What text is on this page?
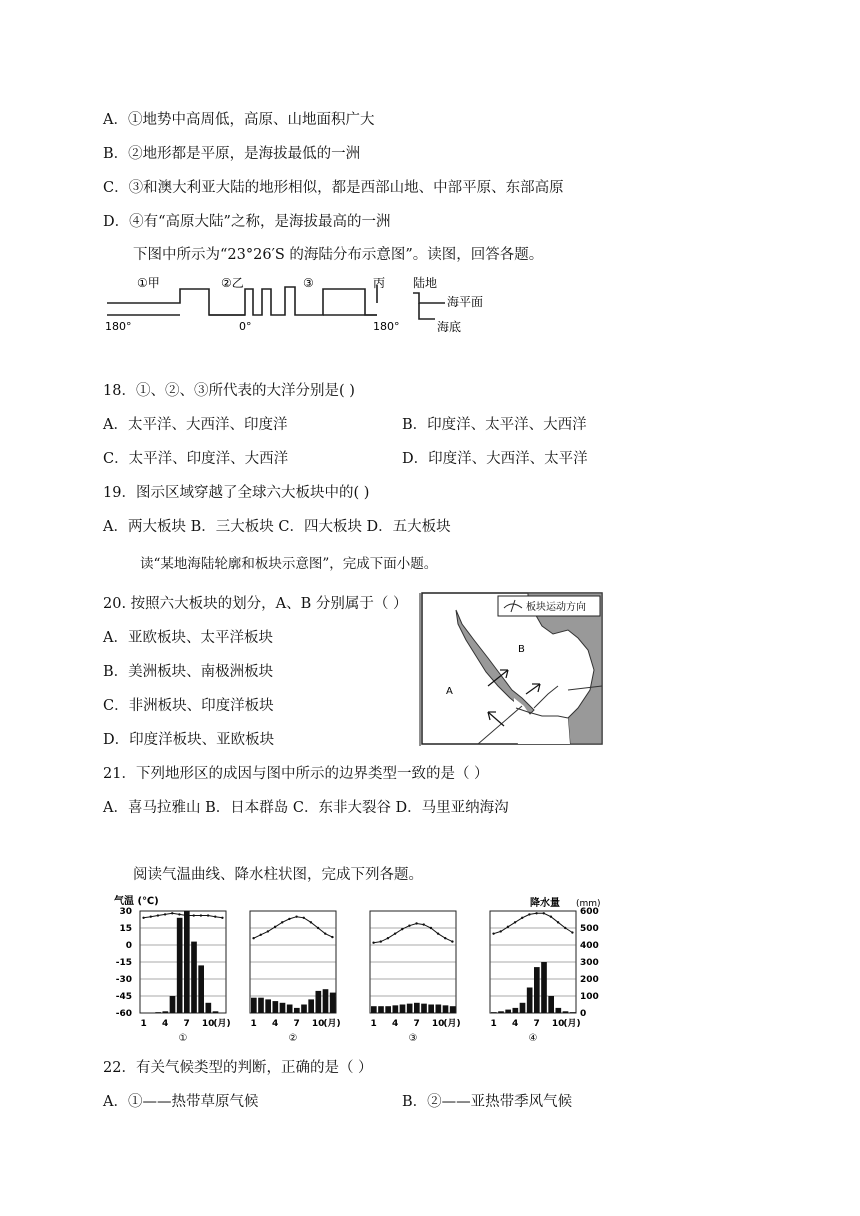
A．①地势中高周低，高原、山地面积广大
B．②地形都是平原，是海拔最低的一洲
C．③和澳大利亚大陆的地形相似，都是西部山地、中部平原、东部高原
D．④有“高原大陆”之称，是海拔最高的一洲
下图中所示为“23°26′S 的海陆分布示意图”。读图，回答各题。
①甲	②乙	③	丙 陆地
海平面
海底
180°	0°	180°
18．①、②、③所代表的大洋分别是( )
A．太平洋、大西洋、印度洋	B．印度洋、太平洋、大西洋
C．太平洋、印度洋、大西洋	D．印度洋、大西洋、太平洋
19．图示区域穿越了全球六大板块中的( )
A．两大板块 B．三大板块 C．四大板块 D．五大板块
读“某地海陆轮廓和板块示意图”，完成下面小题。
20. 按照六大板块的划分，A、B 分别属于（ ）
A．亚欧板块、太平洋板块
B．美洲板块、南极洲板块
C．非洲板块、印度洋板块
D．印度洋板块、亚欧板块
板块运动方向
B
A
21．下列地形区的成因与图中所示的边界类型一致的是（ ）
A．喜马拉雅山 B．日本群岛 C．东非大裂谷 D．马里亚纳海沟
阅读气温曲线、降水柱状图，完成下列各题。
气温 (℃)	降水量 (mm)
30
15
0
-15
-30
-45
-60
600
500
400
300
200
100
0
1 4 7 10 (月)
①
1 4 7 10 (月)
②
1 4 7 10 (月)
③
1 4 7 10 (月)
④
22．有关气候类型的判断，正确的是（ ）
A．①——热带草原气候	B．②——亚热带季风气候
